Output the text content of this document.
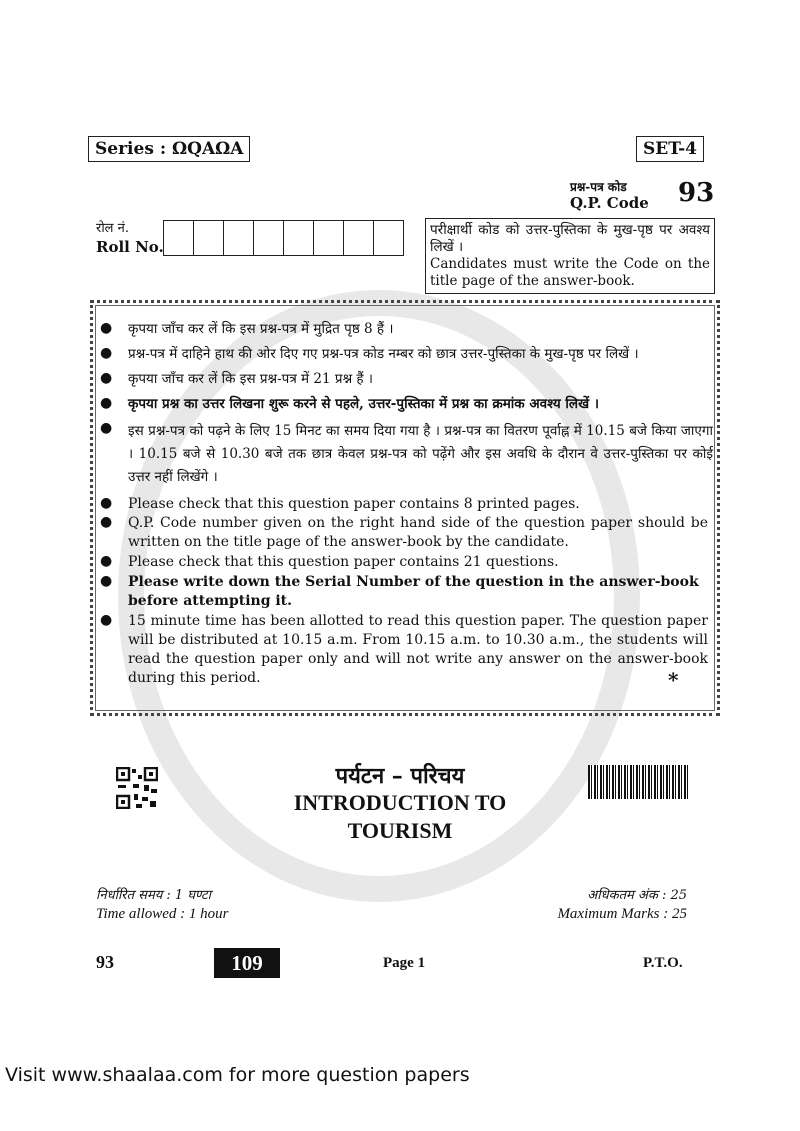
Series : ΩQAΩA	SET-4
प्रश्न-पत्र कोड
Q.P. Code 93
रोल नं.
Roll No.
परीक्षार्थी कोड को उत्तर-पुस्तिका के मुख-पृष्ठ पर अवश्य लिखें ।
Candidates must write the Code on the title page of the answer-book.
● कृपया जाँच कर लें कि इस प्रश्न-पत्र में मुद्रित पृष्ठ 8 हैं ।
● प्रश्न-पत्र में दाहिने हाथ की ओर दिए गए प्रश्न-पत्र कोड नम्बर को छात्र उत्तर-पुस्तिका के मुख-पृष्ठ पर लिखें ।
● कृपया जाँच कर लें कि इस प्रश्न-पत्र में 21 प्रश्न हैं ।
● कृपया प्रश्न का उत्तर लिखना शुरू करने से पहले, उत्तर-पुस्तिका में प्रश्न का क्रमांक अवश्य लिखें ।
● इस प्रश्न-पत्र को पढ़ने के लिए 15 मिनट का समय दिया गया है । प्रश्न-पत्र का वितरण पूर्वाह्न में 10.15 बजे किया जाएगा । 10.15 बजे से 10.30 बजे तक छात्र केवल प्रश्न-पत्र को पढ़ेंगे और इस अवधि के दौरान वे उत्तर-पुस्तिका पर कोई उत्तर नहीं लिखेंगे ।
● Please check that this question paper contains 8 printed pages.
● Q.P. Code number given on the right hand side of the question paper should be written on the title page of the answer-book by the candidate.
● Please check that this question paper contains 21 questions.
● Please write down the Serial Number of the question in the answer-book before attempting it.
● 15 minute time has been allotted to read this question paper. The question paper will be distributed at 10.15 a.m. From 10.15 a.m. to 10.30 a.m., the students will read the question paper only and will not write any answer on the answer-book during this period.	*
पर्यटन – परिचय
INTRODUCTION TO
TOURISM
निर्धारित समय : 1 घण्टा
Time allowed : 1 hour
अधिकतम अंक : 25
Maximum Marks : 25
93	109	Page 1	P.T.O.
Visit www.shaalaa.com for more question papers
